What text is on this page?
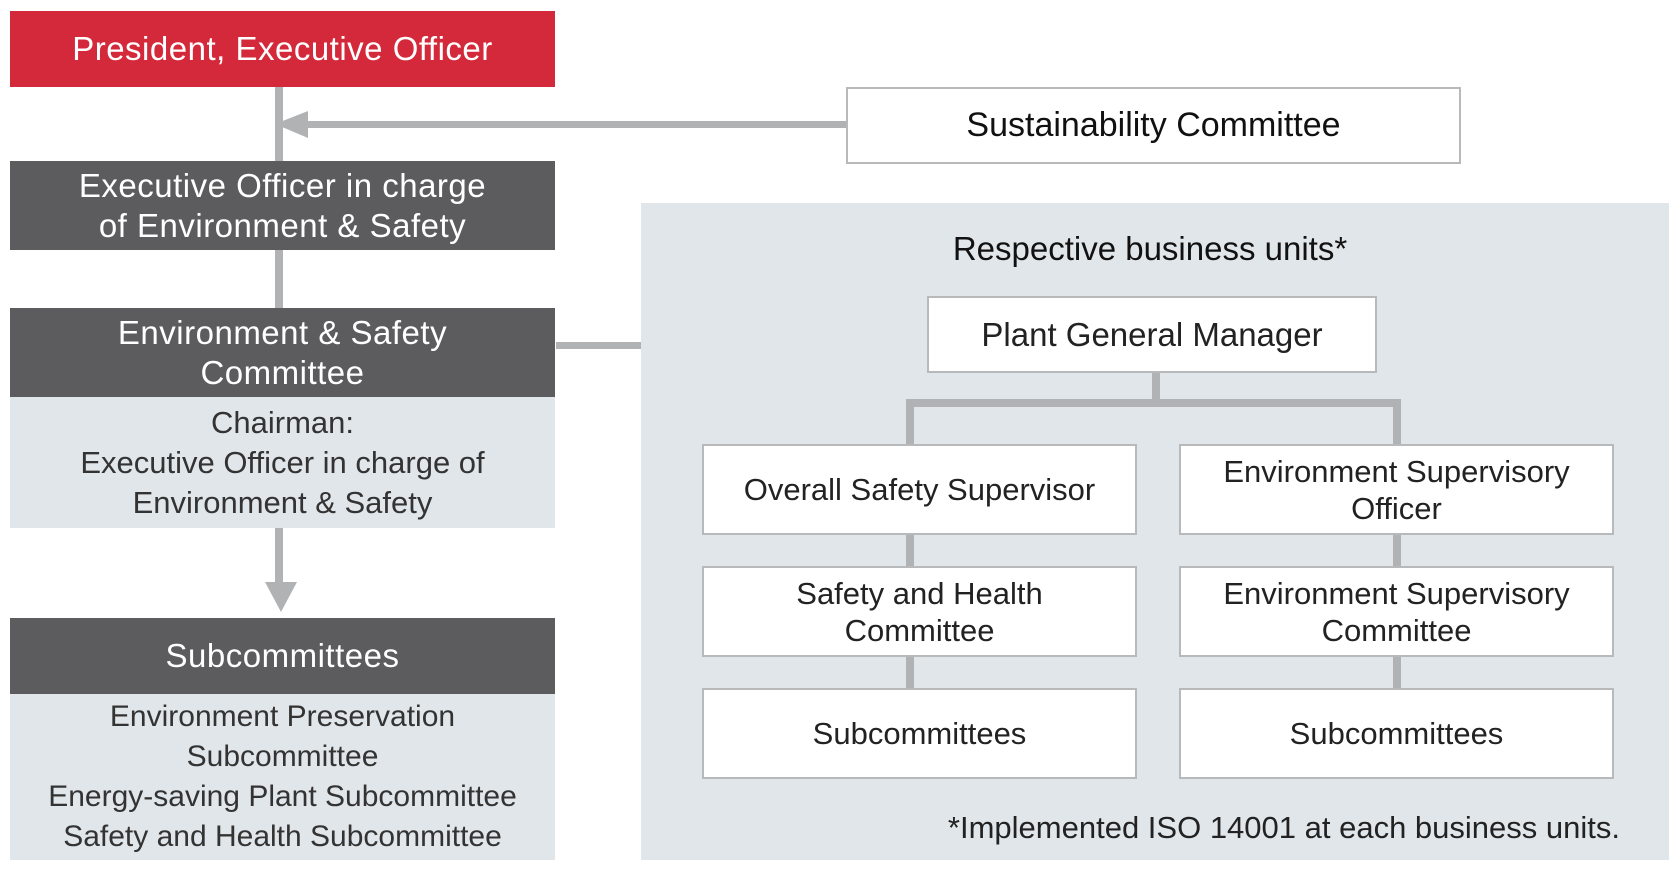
President, Executive Officer
Executive Officer in charge
of Environment & Safety
Environment & Safety
Committee
Chairman:
Executive Officer in charge of
Environment & Safety
Subcommittees
Environment Preservation Subcommittee
Energy-saving Plant Subcommittee
Safety and Health Subcommittee
Sustainability Committee
Respective business units*
Plant General Manager
Overall Safety Supervisor
Safety and Health
Committee
Subcommittees
Environment Supervisory
Officer
Environment Supervisory
Committee
Subcommittees
*Implemented ISO 14001 at each business units.
